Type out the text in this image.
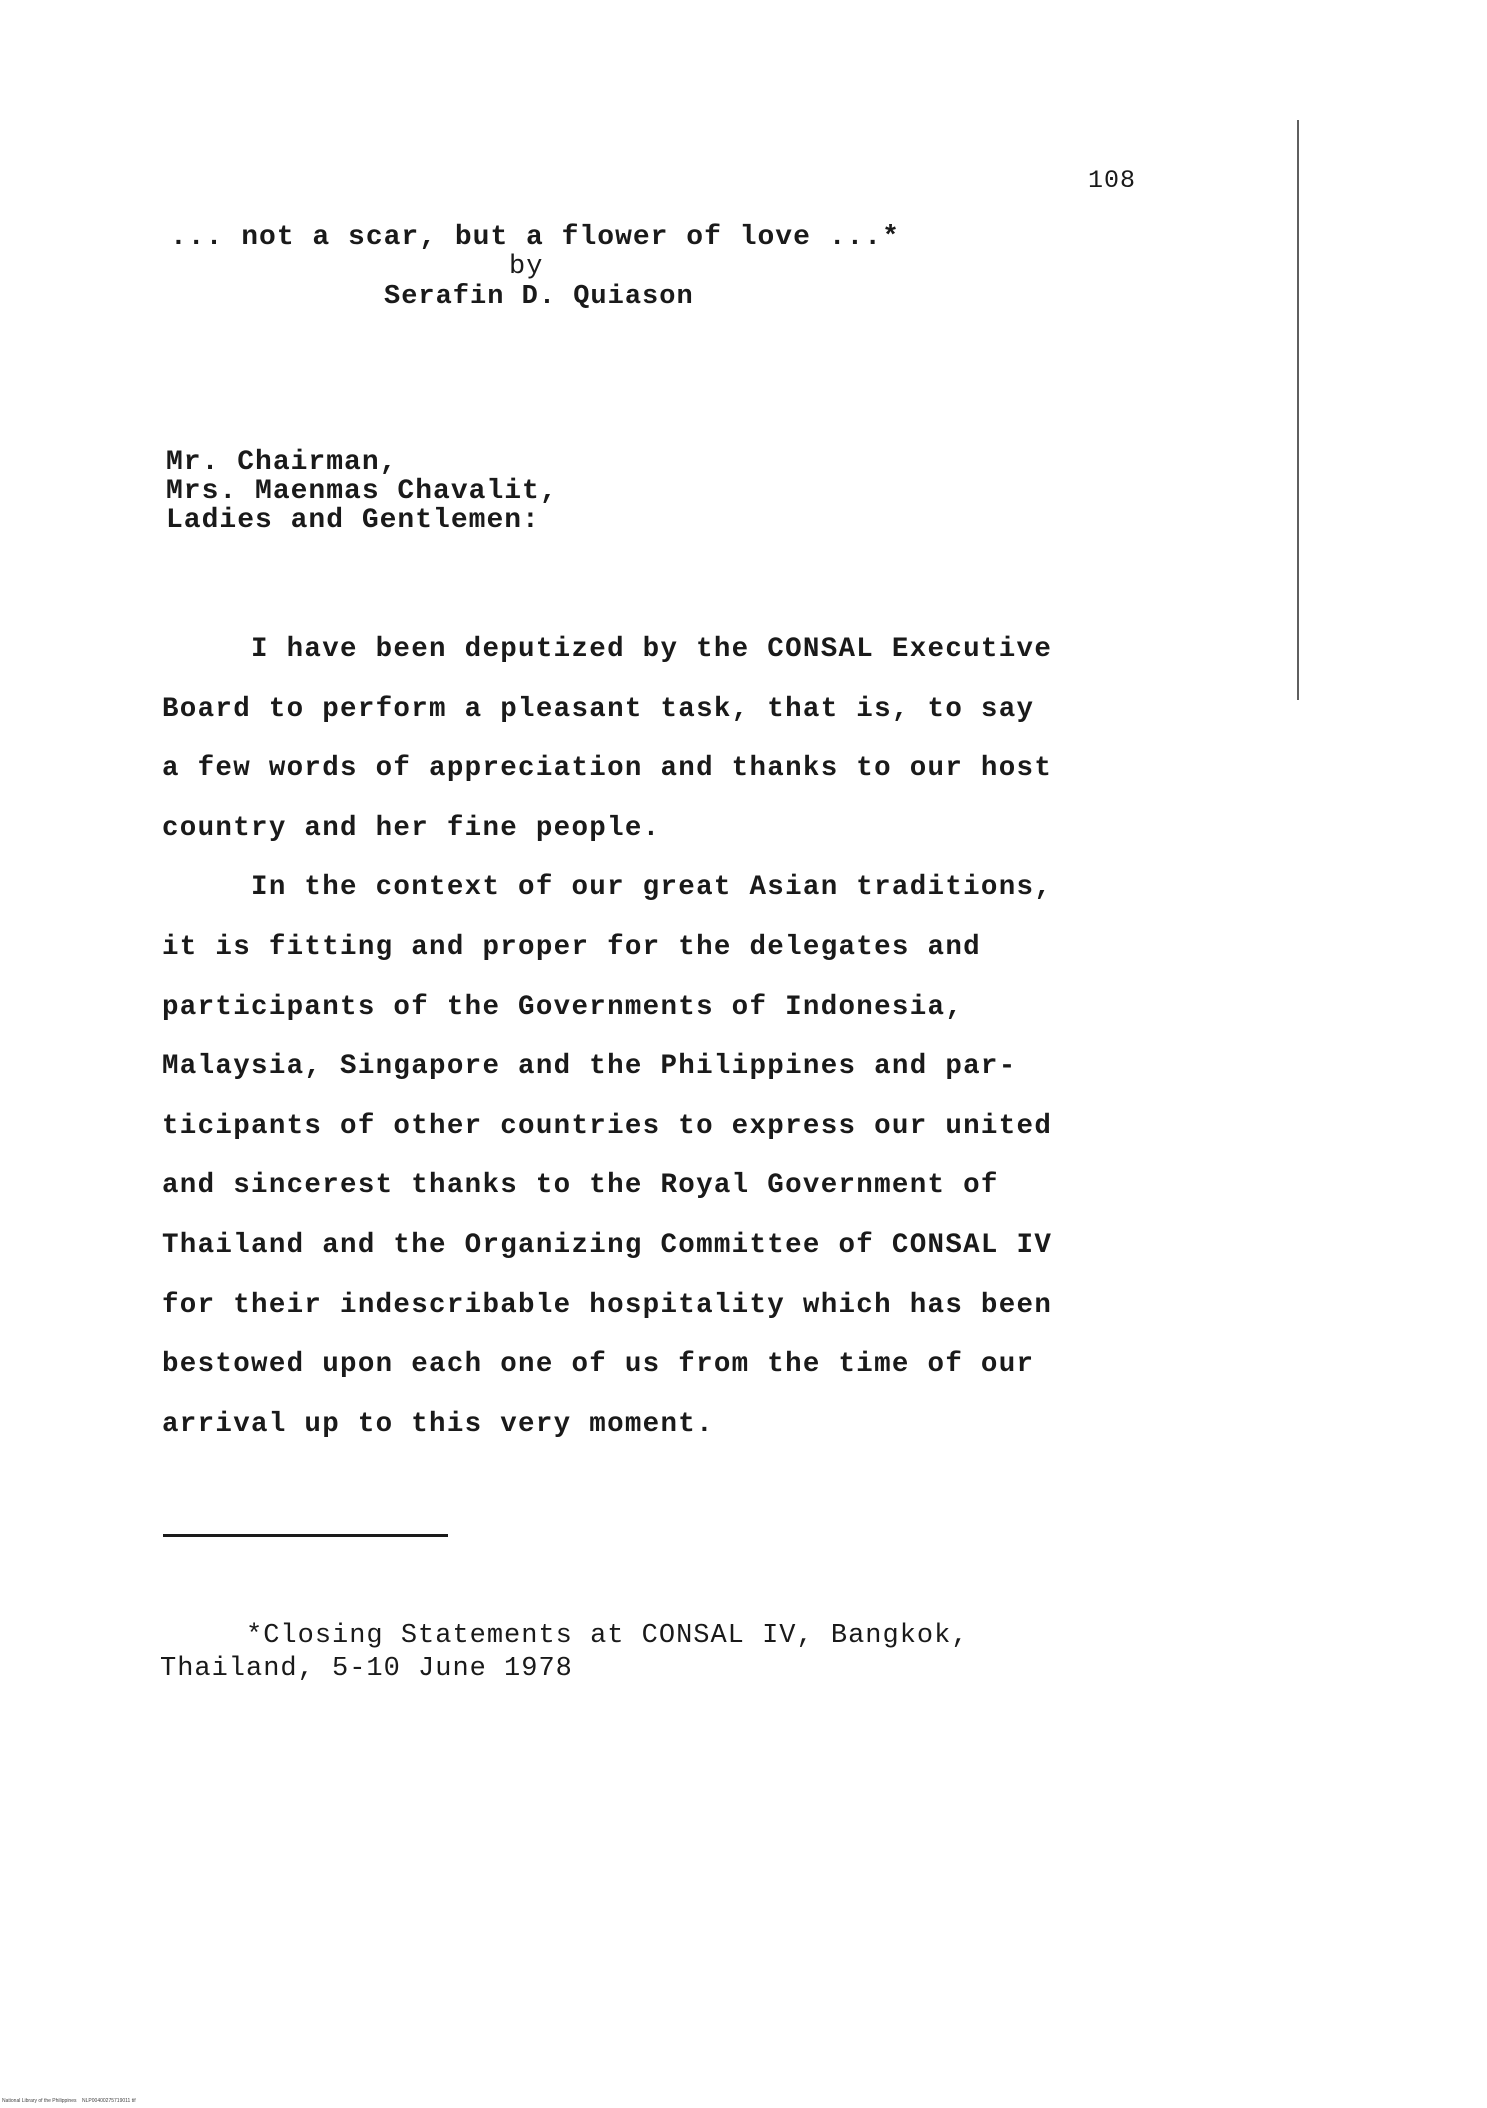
108
... not a scar, but a flower of love ...*
by
Serafin D. Quiason
Mr. Chairman,
Mrs. Maenmas Chavalit,
Ladies and Gentlemen:
I have been deputized by the CONSAL Executive
Board to perform a pleasant task, that is, to say
a few words of appreciation and thanks to our host
country and her fine people.
In the context of our great Asian traditions,
it is fitting and proper for the delegates and
participants of the Governments of Indonesia,
Malaysia, Singapore and the Philippines and par-
ticipants of other countries to express our united
and sincerest thanks to the Royal Government of
Thailand and the Organizing Committee of CONSAL IV
for their indescribable hospitality which has been
bestowed upon each one of us from the time of our
arrival up to this very moment.
*Closing Statements at CONSAL IV, Bangkok,
Thailand, 5-10 June 1978
National Library of the Philippines    NLP00400275719011 tif
